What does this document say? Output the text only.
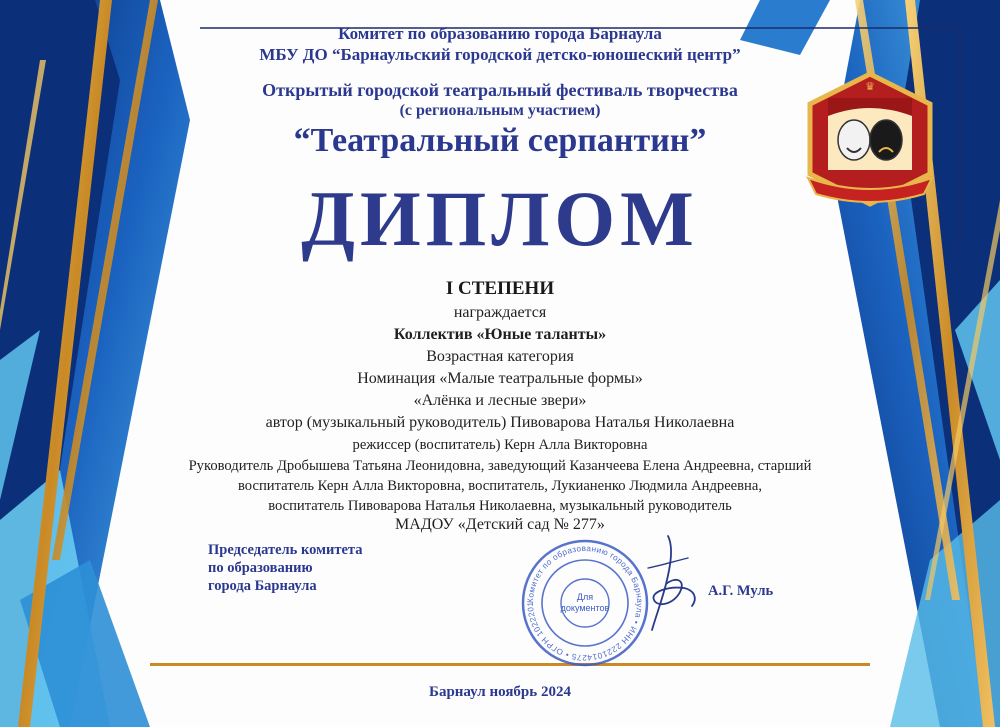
♛
Комитет по образованию города Барнаула
МБУ ДО “Барнаульский городской детско-юношеский центр”
Открытый городской театральный фестиваль творчества
(с региональным участием)
“Театральный серпантин”
ДИПЛОМ
I СТЕПЕНИ
награждается
Коллектив «Юные таланты»
Возрастная категория
Номинация «Малые театральные формы»
«Алёнка и лесные звери»
автор (музыкальный руководитель) Пивоварова Наталья Николаевна
режиссер (воспитатель) Керн Алла Викторовна
Руководитель Дробышева Татьяна Леонидовна, заведующий Казанчеева Елена Андреевна, старший
воспитатель Керн Алла Викторовна, воспитатель, Лукианенко Людмила Андреевна,
воспитатель Пивоварова Наталья Николаевна, музыкальный руководитель
МАДОУ «Детский сад № 277»
Председатель комитета
по образованию
города Барнаула
Комитет по образованию города Барнаула • ИНН 2221014275 • ОГРН 1022201
Для
документов
А.Г. Муль
Барнаул ноябрь 2024
